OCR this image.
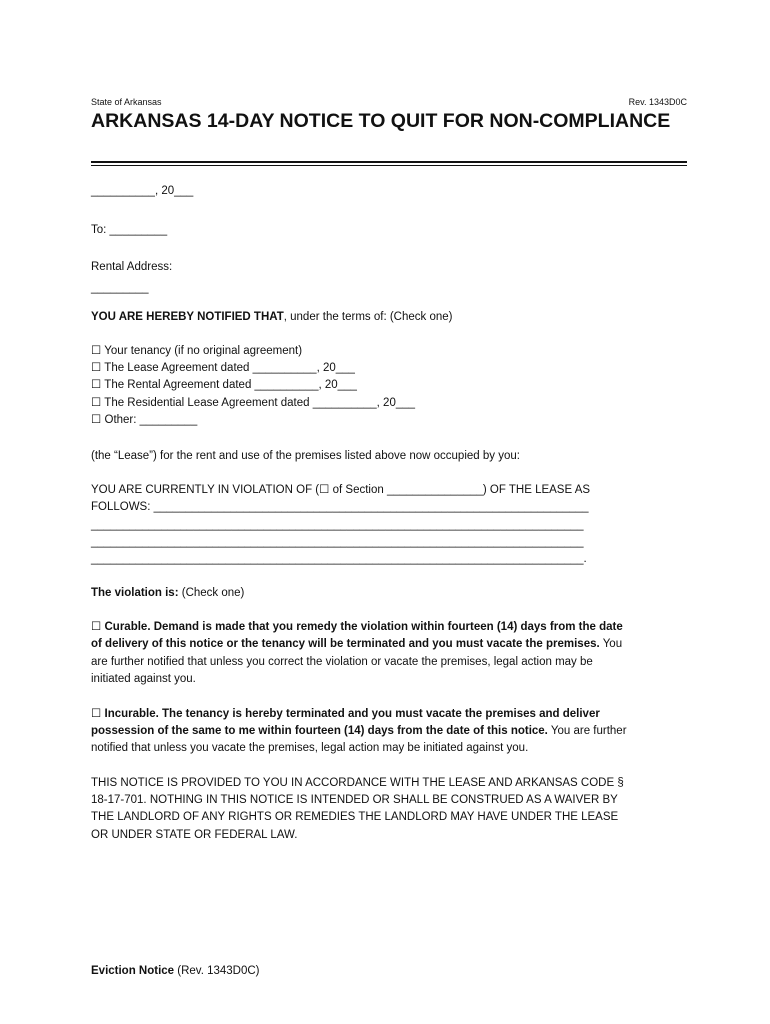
State of Arkansas	Rev. 1343D0C
ARKANSAS 14-DAY NOTICE TO QUIT FOR NON-COMPLIANCE
__________, 20___
To: _________
Rental Address:
_________
YOU ARE HEREBY NOTIFIED THAT, under the terms of: (Check one)
☐ Your tenancy (if no original agreement)
☐ The Lease Agreement dated __________, 20___
☐ The Rental Agreement dated __________, 20___
☐ The Residential Lease Agreement dated __________, 20___
☐ Other: _________
(the “Lease”) for the rent and use of the premises listed above now occupied by you:
YOU ARE CURRENTLY IN VIOLATION OF (☐ of Section _______________) OF THE LEASE AS
FOLLOWS: ____________________________________________________________________
_____________________________________________________________________________
_____________________________________________________________________________
_____________________________________________________________________________.
The violation is: (Check one)
☐ Curable. Demand is made that you remedy the violation within fourteen (14) days from the date
of delivery of this notice or the tenancy will be terminated and you must vacate the premises. You
are further notified that unless you correct the violation or vacate the premises, legal action may be
initiated against you.
☐ Incurable. The tenancy is hereby terminated and you must vacate the premises and deliver
possession of the same to me within fourteen (14) days from the date of this notice. You are further
notified that unless you vacate the premises, legal action may be initiated against you.
THIS NOTICE IS PROVIDED TO YOU IN ACCORDANCE WITH THE LEASE AND ARKANSAS CODE §
18-17-701. NOTHING IN THIS NOTICE IS INTENDED OR SHALL BE CONSTRUED AS A WAIVER BY
THE LANDLORD OF ANY RIGHTS OR REMEDIES THE LANDLORD MAY HAVE UNDER THE LEASE
OR UNDER STATE OR FEDERAL LAW.
Eviction Notice (Rev. 1343D0C)
